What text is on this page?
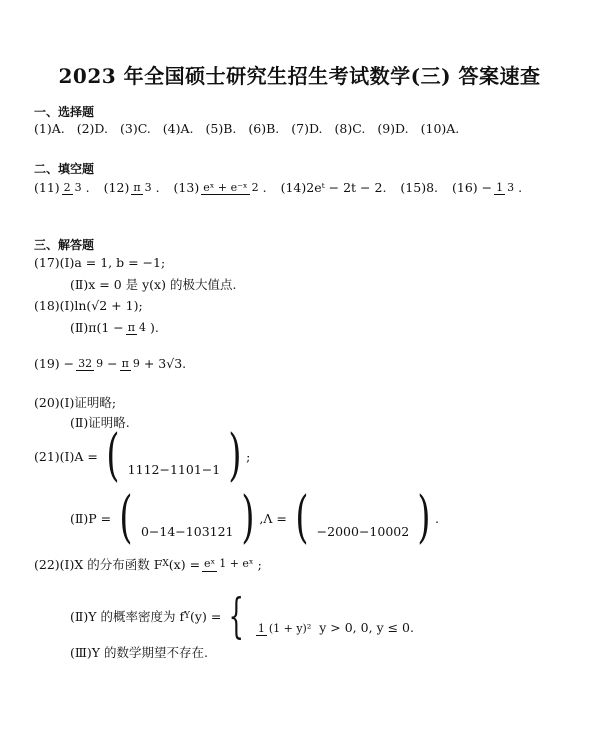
2023 年全国硕士研究生招生考试数学(三) 答案速查
一、选择题
(1)A. (2)D. (3)C. (4)A. (5)B. (6)B. (7)D. (8)C. (9)D. (10)A.
二、填空题
(11) 2 3 . (12) π 3 . (13) eˣ + e⁻ˣ 2 . (14)2eᵗ − 2t − 2. (15)8. (16) − 1 3 .
三、解答题
(17)(Ⅰ)a = 1, b = −1;
(Ⅱ)x = 0 是 y(x) 的极大值点.
(18)(Ⅰ)ln(√2 + 1);
(Ⅱ)π(1 − π 4 ).
(19) − 32 9 − π 9 + 3√3.
(20)(Ⅰ)证明略;
(Ⅱ)证明略.
(21)(Ⅰ)A = ( 1112−1101−1 ) ;
(Ⅱ)P = ( 0−14−103121 ) ,Λ = ( −2000−10002 ) .
(22)(Ⅰ)X 的分布函数 F X (x) = eˣ 1 + eˣ ;
(Ⅱ)Y 的概率密度为 f Y (y) = { 1 (1 + y)² y > 0, 0, y ≤ 0.
(Ⅲ)Y 的数学期望不存在.
